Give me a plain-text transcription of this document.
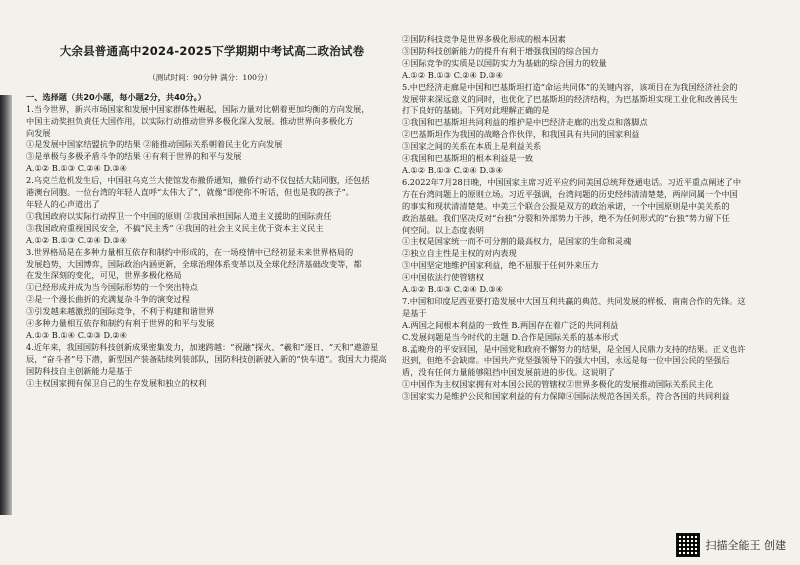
大余县普通高中2024-2025下学期期中考试高二政治试卷
（测试时间：90分钟 满分：100分）
一、选择题（共20小题，每小题2分，共40分。）
1.当今世界，新兴市场国家和发展中国家群体性崛起，国际力量对比朝着更加均衡的方向发展，
中国主动奖担负责任大国作用，以实际行动推动世界多极化深入发展。推动世界向多极化方
向发展
①是发展中国家结盟抗争的结果 ②能推动国际关系朝着民主化方向发展
③是单极与多极矛盾斗争的结果 ④有利于世界的和平与发展
A.①② B.①③ C.②④ D.③④
2.乌克兰危机发生后，中国驻乌克兰大使馆发布撤侨通知，撤侨行动不仅包括大陆同胞，还包括
港澳台同胞。一位台湾的年轻人直呼“太伟大了”，就像“即使你不听话，但也是我的孩子”。
年轻人的心声道出了
①我国政府以实际行动捍卫一个中国的原则 ②我国承担国际人道主义援助的国际责任
③我国政府重视国民安全，不搞“民主秀” ④我国的社会主义民主优于资本主义民主
A.①② B.①③ C.②④ D.③④
3.世界格局是在多种力量相互依存和制约中形成的，在一场疫情中已经初显未来世界格局的
发展趋势，大国博弈，国际政治内涵更新，全球治理体系变革以及全球化经济基础改变等，都
在发生深刻的变化，可见，世界多极化格局
①已经形成并成为当今国际形势的一个突出特点
②是一个漫长曲折的充满复杂斗争的演变过程
③引发越来越激烈的国际竞争，不利于构建和谐世界
④多种力量相互依存和制约有利于世界的和平与发展
A.①③ B.①④ C.②③ D.②④
4.近年来，我国国防科技创新成果密集发力，加速跨越：“祝融”探火、“羲和”逐日、“天和”遨游星
辰，“奋斗者”号下潜，新型国产装备陆续列装部队，国防科技创新驶入新的“快车道”。我国大力提高
国防科技自主创新能力是基于
①主权国家拥有保卫自己的生存发展和独立的权利
②国防科技竞争是世界多极化形成的根本因素
③国防科技创新能力的提升有利于增强我国的综合国力
④国际竞争的实质是以国防实力为基础的综合国力的较量
A.①② B.①③ C.②④ D.③④
5.中巴经济走廊是中国和巴基斯坦打造“命运共同体”的关键内容，该项目在为我国经济社会的
发展带来深远意义的同时，也优化了巴基斯坦的经济结构，为巴基斯坦实现工业化和改善民生
打下良好的基础。下列对此理解正确的是
①我国和巴基斯坦共同利益的维护是中巴经济走廊的出发点和落脚点
②巴基斯坦作为我国的战略合作伙伴，和我国具有共同的国家利益
③国家之间的关系在本质上是利益关系
④我国和巴基斯坦的根本利益是一致
A.①② B.①③ C.②④ D.③④
6.2022年7月28日晚，中国国家主席习近平应约同美国总统拜登通电话。习近平重点阐述了中
方在台湾问题上的原则立场。习近平强调，台湾问题的历史经纬清清楚楚，两岸同属一个中国
的事实和现状清清楚楚。中美三个联合公报是双方的政治承诺，一个中国原则是中美关系的
政治基础。我们坚决反对“台独”分裂和外部势力干涉，绝不为任何形式的“台独”势力留下任
何空间。以上态度表明
①主权是国家统一而不可分割的最高权力，是国家的生命和灵魂
②独立自主性是主权的对内表现
③中国坚定地维护国家利益，绝不屈服于任何外来压力
④中国依法行使管辖权
A.①② B.①③ C.②④ D.③④
7.中国和印度尼西亚要打造发展中大国互利共赢的典范、共同发展的样板、南南合作的先锋。这
是基于
A.两国之间根本利益的一致性 B.两国存在着广泛的共同利益
C.发展问题是当今时代的主题 D.合作是国际关系的基本形式
8.孟晚舟的平安回国，是中国党和政府不懈努力的结果，是全国人民鼎力支持的结果。正义也许
迟到，但绝不会缺席。中国共产党坚强领导下的强大中国，永远是每一位中国公民的坚强后
盾，没有任何力量能够阻挡中国发展前进的步伐。这说明了
①中国作为主权国家拥有对本国公民的管辖权②世界多极化的发展推动国际关系民主化
③国家实力是维护公民和国家利益的有力保障④国际法规范各国关系，符合各国的共同利益
扫描全能王 创建
